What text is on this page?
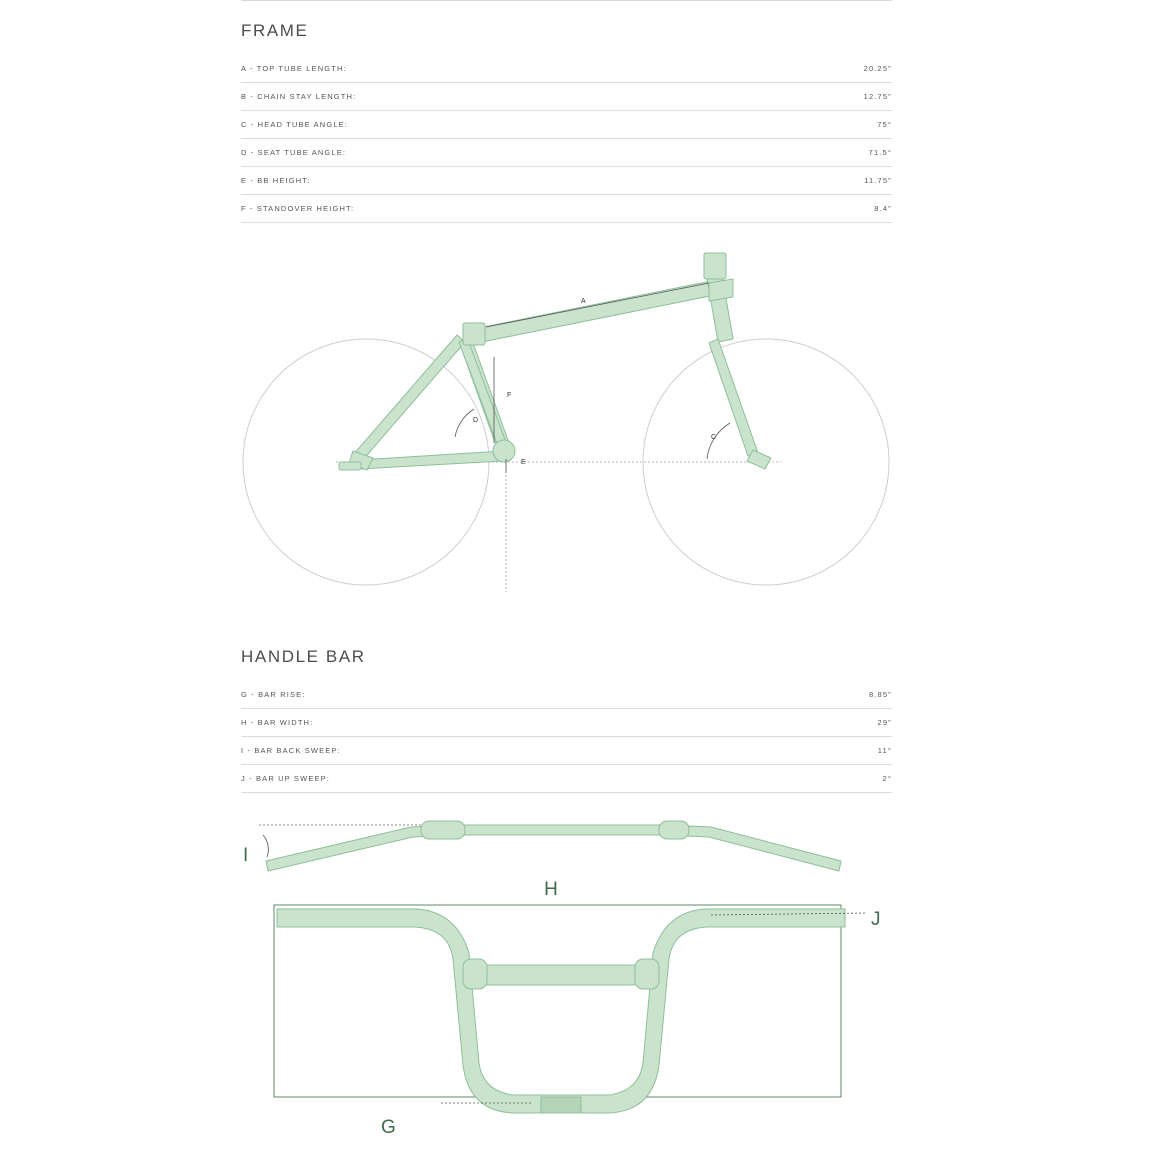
FRAME
A - TOP TUBE LENGTH:	20.25"
B - CHAIN STAY LENGTH:	12.75"
C - HEAD TUBE ANGLE:	75°
D - SEAT TUBE ANGLE:	71.5°
E - BB HEIGHT:	11.75"
F - STANDOVER HEIGHT:	8.4"
A
F
D
C
E
HANDLE BAR
G - BAR RISE:	8.85"
H - BAR WIDTH:	29"
I - BAR BACK SWEEP:	11°
J - BAR UP SWEEP:	2°
I
J
H
G
